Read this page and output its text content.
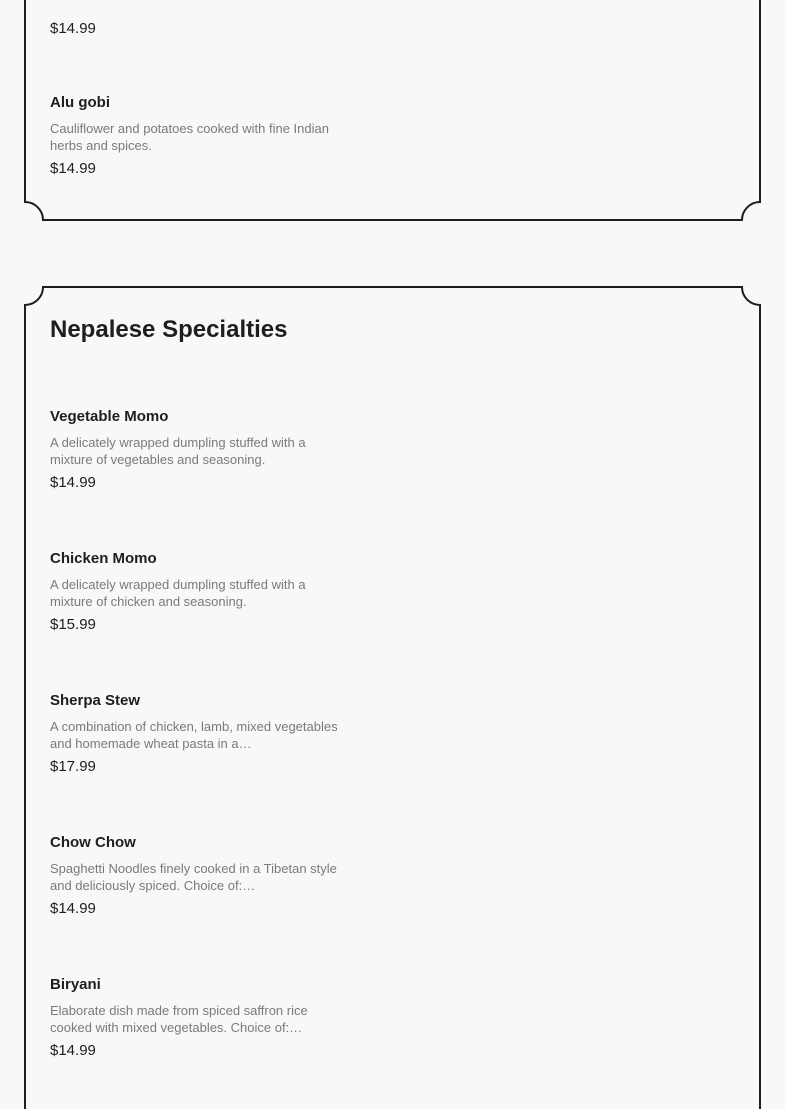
$14.99
Alu gobi
Cauliflower and potatoes cooked with fine Indian herbs and spices.
$14.99
Nepalese Specialties
Vegetable Momo
A delicately wrapped dumpling stuffed with a mixture of vegetables and seasoning.
$14.99
Chicken Momo
A delicately wrapped dumpling stuffed with a mixture of chicken and seasoning.
$15.99
Sherpa Stew
A combination of chicken, lamb, mixed vegetables and homemade wheat pasta in a…
$17.99
Chow Chow
Spaghetti Noodles finely cooked in a Tibetan style and deliciously spiced. Choice of:…
$14.99
Biryani
Elaborate dish made from spiced saffron rice cooked with mixed vegetables. Choice of:…
$14.99
